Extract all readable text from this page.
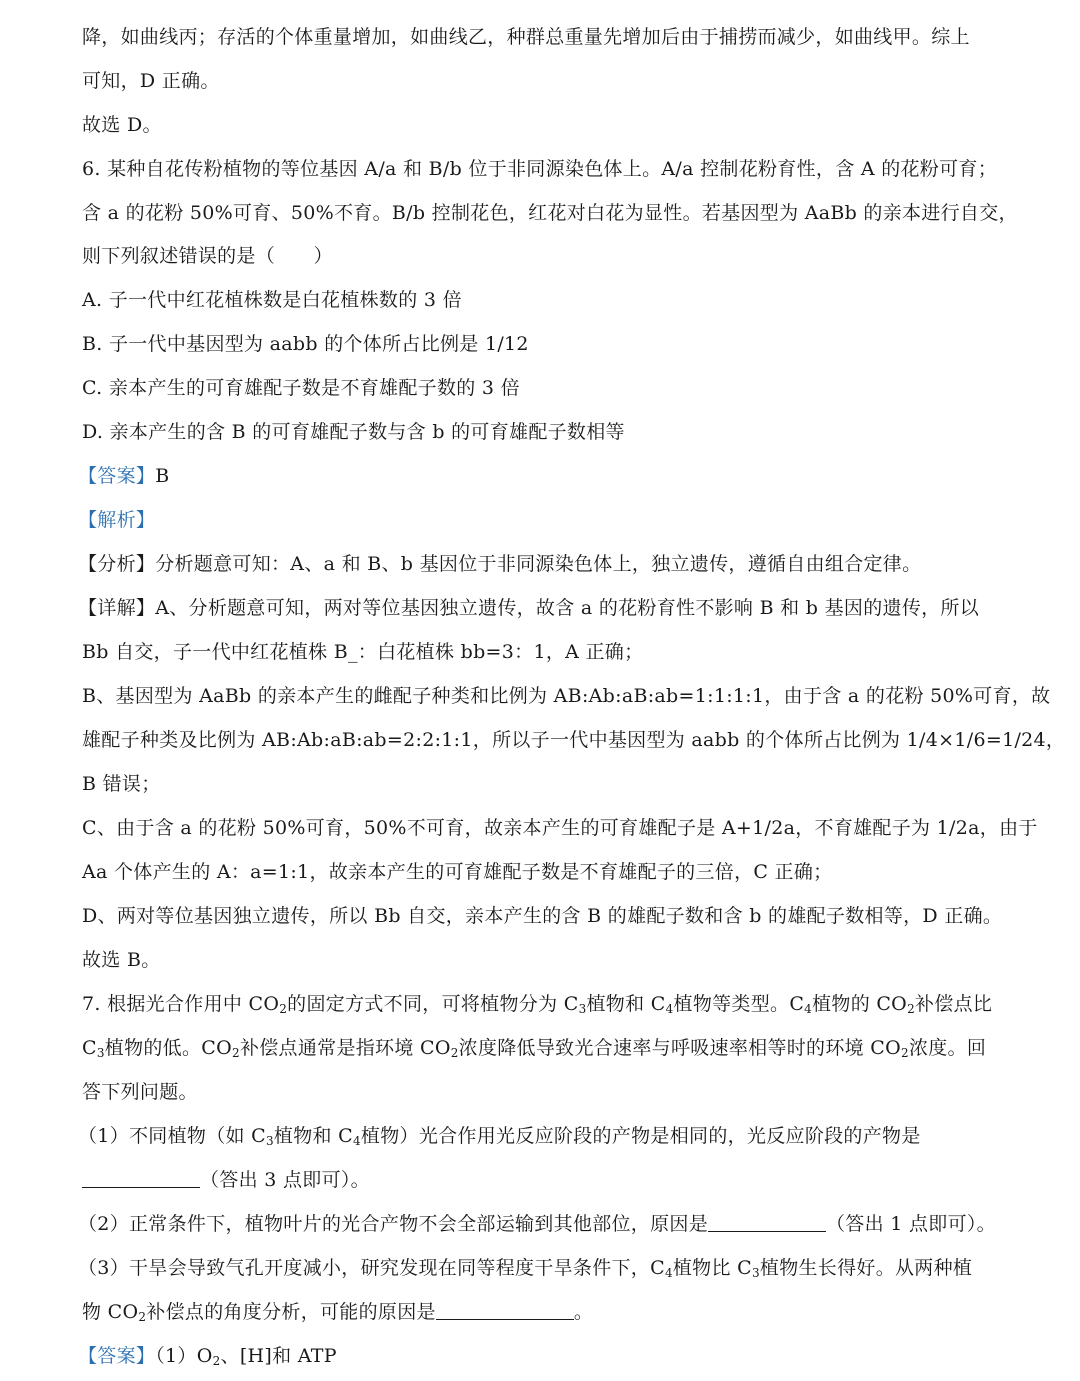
降，如曲线丙；存活的个体重量增加，如曲线乙，种群总重量先增加后由于捕捞而减少，如曲线甲。综上
可知，D 正确。
故选 D。
6. 某种自花传粉植物的等位基因 A/a 和 B/b 位于非同源染色体上。A/a 控制花粉育性，含 A 的花粉可育；
含 a 的花粉 50%可育、50%不育。B/b 控制花色，红花对白花为显性。若基因型为 AaBb 的亲本进行自交，
则下列叙述错误的是（　　）
A. 子一代中红花植株数是白花植株数的 3 倍
B. 子一代中基因型为 aabb 的个体所占比例是 1/12
C. 亲本产生的可育雄配子数是不育雄配子数的 3 倍
D. 亲本产生的含 B 的可育雄配子数与含 b 的可育雄配子数相等
【答案】B
【解析】
【分析】分析题意可知：A、a 和 B、b 基因位于非同源染色体上，独立遗传，遵循自由组合定律。
【详解】A、分析题意可知，两对等位基因独立遗传，故含 a 的花粉育性不影响 B 和 b 基因的遗传，所以
Bb 自交，子一代中红花植株 B_：白花植株 bb=3：1，A 正确；
B、基因型为 AaBb 的亲本产生的雌配子种类和比例为 AB:Ab:aB:ab=1:1:1:1，由于含 a 的花粉 50%可育，故
雄配子种类及比例为 AB:Ab:aB:ab=2:2:1:1，所以子一代中基因型为 aabb 的个体所占比例为 1/4×1/6=1/24，
B 错误；
C、由于含 a 的花粉 50%可育，50%不可育，故亲本产生的可育雄配子是 A+1/2a，不育雄配子为 1/2a，由于
Aa 个体产生的 A：a=1:1，故亲本产生的可育雄配子数是不育雄配子的三倍，C 正确；
D、两对等位基因独立遗传，所以 Bb 自交，亲本产生的含 B 的雄配子数和含 b 的雄配子数相等，D 正确。
故选 B。
7. 根据光合作用中 $CO_2$的固定方式不同，可将植物分为 $C_3$植物和 $C_4$植物等类型。$C_4$植物的 $CO_2$补偿点比
$C_3$植物的低。$CO_2$补偿点通常是指环境 $CO_2$浓度降低导致光合速率与呼吸速率相等时的环境 $CO_2$浓度。回
答下列问题。
（1）不同植物（如 $C_3$植物和 $C_4$植物）光合作用光反应阶段的产物是相同的，光反应阶段的产物是
（答出 3 点即可）。
（2）正常条件下，植物叶片的光合产物不会全部运输到其他部位，原因是	（答出 1 点即可）。
（3）干旱会导致气孔开度减小，研究发现在同等程度干旱条件下，$C_4$植物比 $C_3$植物生长得好。从两种植
物 $CO_2$补偿点的角度分析，可能的原因是	。
【答案】$(1)O_2$、[H]和 ATP
